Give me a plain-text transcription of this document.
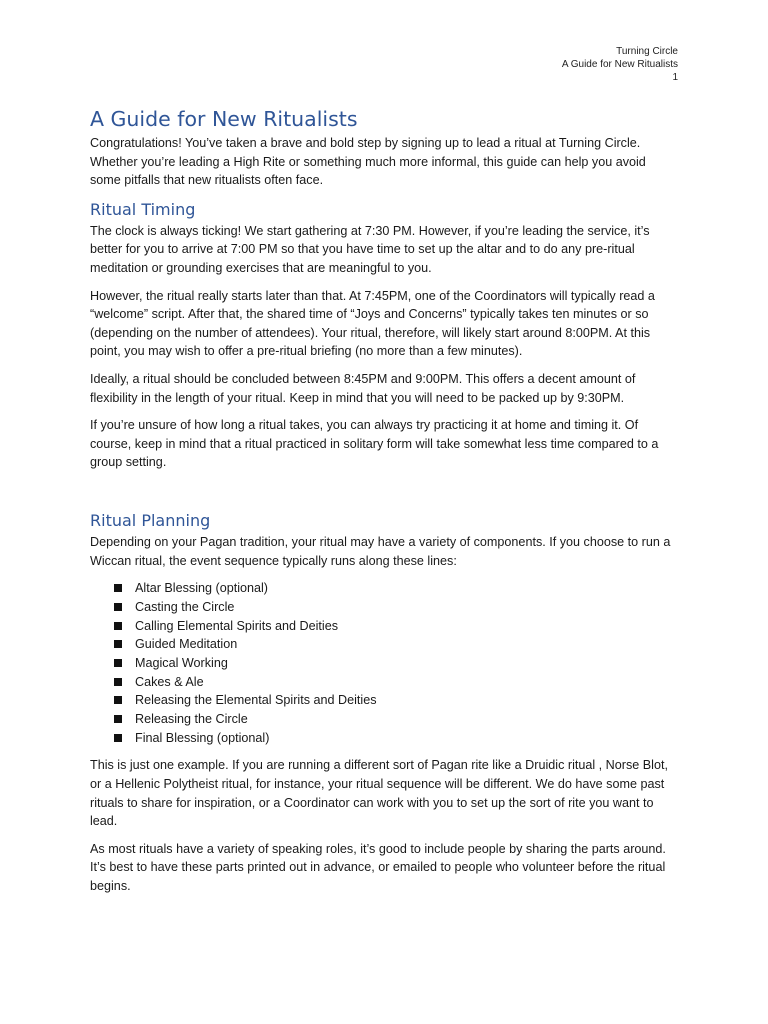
Turning Circle
A Guide for New Ritualists
1
A Guide for New Ritualists

Congratulations! You’ve taken a brave and bold step by signing up to lead a ritual at Turning Circle. Whether you’re leading a High Rite or something much more informal, this guide can help you avoid some pitfalls that new ritualists often face.

Ritual Timing

The clock is always ticking! We start gathering at 7:30 PM. However, if you’re leading the service, it’s better for you to arrive at 7:00 PM so that you have time to set up the altar and to do any pre-ritual meditation or grounding exercises that are meaningful to you.

However, the ritual really starts later than that. At 7:45PM, one of the Coordinators will typically read a “welcome” script. After that, the shared time of “Joys and Concerns” typically takes ten minutes or so (depending on the number of attendees). Your ritual, therefore, will likely start around 8:00PM. At this point, you may wish to offer a pre-ritual briefing (no more than a few minutes).

Ideally, a ritual should be concluded between 8:45PM and 9:00PM. This offers a decent amount of flexibility in the length of your ritual. Keep in mind that you will need to be packed up by 9:30PM.

If you’re unsure of how long a ritual takes, you can always try practicing it at home and timing it. Of course, keep in mind that a ritual practiced in solitary form will take somewhat less time compared to a group setting.

Ritual Planning

Depending on your Pagan tradition, your ritual may have a variety of components. If you choose to run a Wiccan ritual, the event sequence typically runs along these lines:

Altar Blessing (optional)
Casting the Circle
Calling Elemental Spirits and Deities
Guided Meditation
Magical Working
Cakes & Ale
Releasing the Elemental Spirits and Deities
Releasing the Circle
Final Blessing (optional)

This is just one example. If you are running a different sort of Pagan rite like a Druidic ritual , Norse Blot, or a Hellenic Polytheist ritual, for instance, your ritual sequence will be different. We do have some past rituals to share for inspiration, or a Coordinator can work with you to set up the sort of rite you want to lead.

As most rituals have a variety of speaking roles, it’s good to include people by sharing the parts around. It’s best to have these parts printed out in advance, or emailed to people who volunteer before the ritual begins.
